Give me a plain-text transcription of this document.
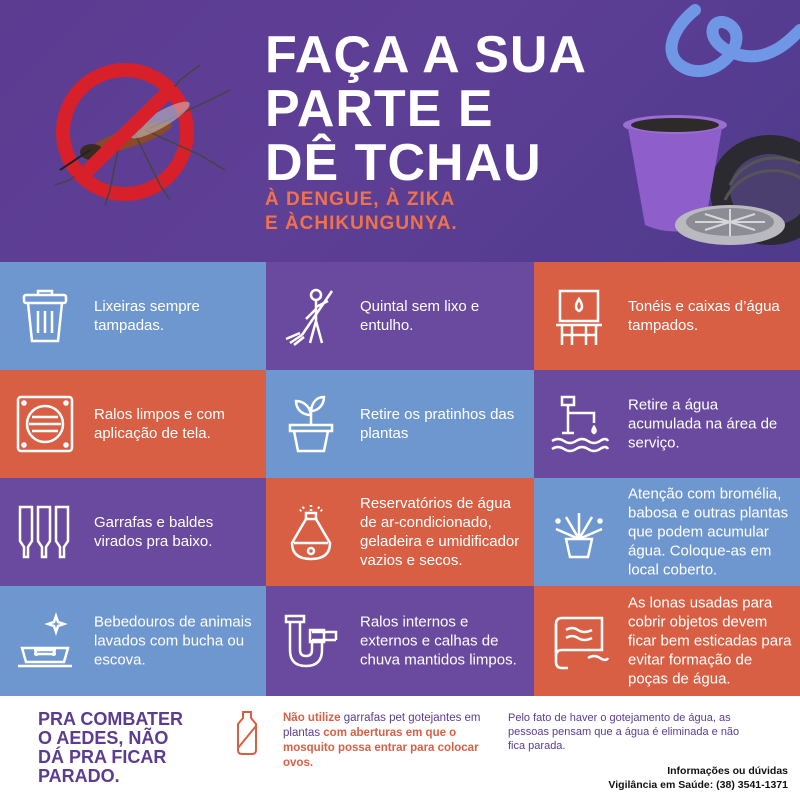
FAÇA A SUA
PARTE E
DÊ TCHAU
À DENGUE, À ZIKA
E ÀCHIKUNGUNYA.
Lixeiras sempre tampadas.
Quintal sem lixo e entulho.
Tonéis e caixas d’água tampados.
Ralos limpos e com aplicação de tela.
Retire os pratinhos das plantas
Retire a água acumulada na área de serviço.
Garrafas e baldes virados pra baixo.
Reservatórios de água de ar-condicionado, geladeira e umidificador vazios e secos.
Atenção com bromélia, babosa e outras plantas que podem acumular água. Coloque-as em local coberto.
Bebedouros de animais lavados com bucha ou escova.
Ralos internos e externos e calhas de chuva mantidos limpos.
As lonas usadas para cobrir objetos devem ficar bem esticadas para evitar formação de poças de água.
PRA COMBATER
O AEDES, NÃO
DÁ PRA FICAR
PARADO.
Não utilize garrafas pet gotejantes em plantas com aberturas em que o mosquito possa entrar para colocar ovos.
Pelo fato de haver o gotejamento de água, as pessoas pensam que a água é eliminada e não fica parada.
Informações ou dúvidas
Vigilância em Saúde: (38) 3541-1371
